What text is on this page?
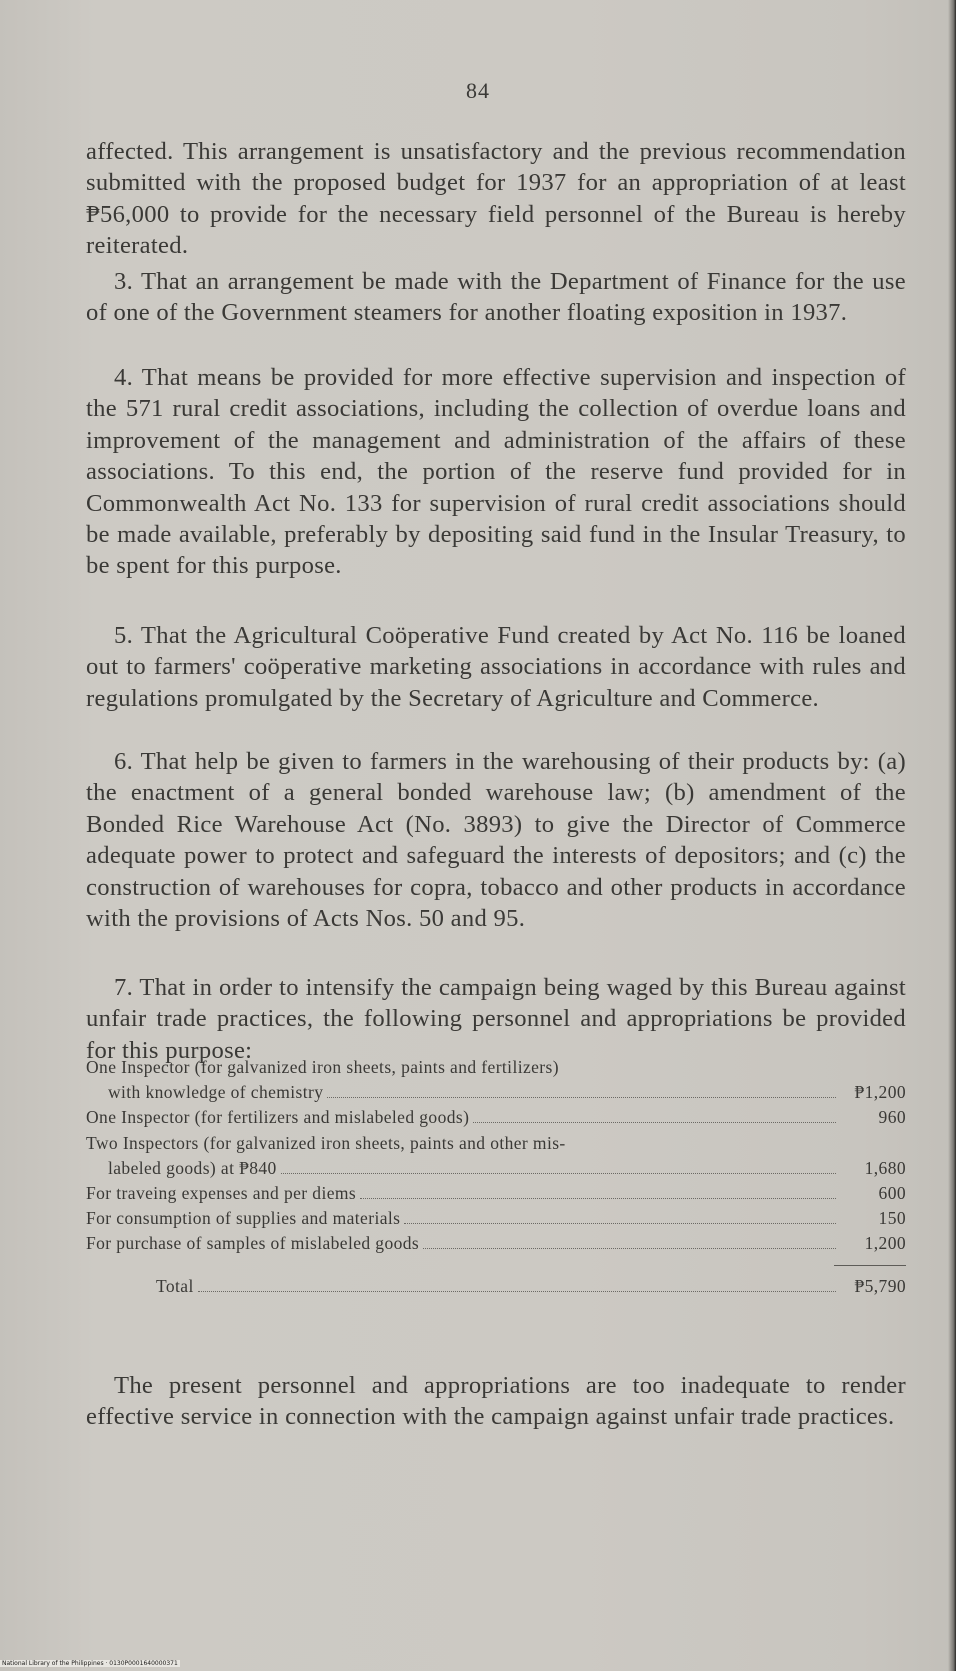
84

affected. This arrangement is unsatisfactory and the previous recommendation submitted with the proposed budget for 1937 for an appropriation of at least ₱56,000 to provide for the necessary field personnel of the Bureau is hereby reiterated.

3. That an arrangement be made with the Department of Finance for the use of one of the Government steamers for another floating exposition in 1937.

4. That means be provided for more effective supervision and inspection of the 571 rural credit associations, including the collection of overdue loans and improvement of the management and administration of the affairs of these associations. To this end, the portion of the reserve fund provided for in Commonwealth Act No. 133 for supervision of rural credit associations should be made available, preferably by depositing said fund in the Insular Treasury, to be spent for this purpose.

5. That the Agricultural Coöperative Fund created by Act No. 116 be loaned out to farmers' coöperative marketing associations in accordance with rules and regulations promulgated by the Secretary of Agriculture and Commerce.

6. That help be given to farmers in the warehousing of their products by: (a) the enactment of a general bonded warehouse law; (b) amendment of the Bonded Rice Warehouse Act (No. 3893) to give the Director of Commerce adequate power to protect and safeguard the interests of depositors; and (c) the construction of warehouses for copra, tobacco and other products in accordance with the provisions of Acts Nos. 50 and 95.

7. That in order to intensify the campaign being waged by this Bureau against unfair trade practices, the following personnel and appropriations be provided for this purpose:

One Inspector (for galvanized iron sheets, paints and fertilizers)
with knowledge of chemistry	₱1,200
One Inspector (for fertilizers and mislabeled goods)	960
Two Inspectors (for galvanized iron sheets, paints and other mis-
labeled goods) at ₱840	1,680
For traveing expenses and per diems	600
For consumption of supplies and materials	150
For purchase of samples of mislabeled goods	1,200
Total	₱5,790

The present personnel and appropriations are too inadequate to render effective service in connection with the campaign against unfair trade practices.

National Library of the Philippines · 0130P0001640000371
